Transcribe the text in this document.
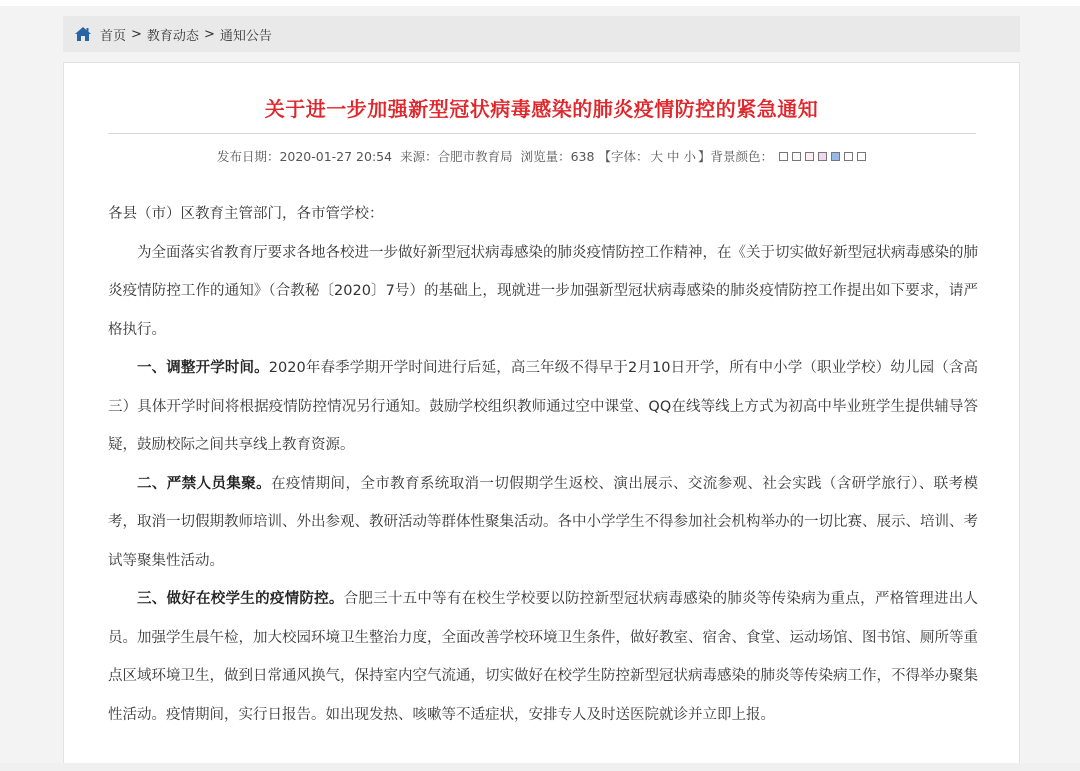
首页 > 教育动态 > 通知公告
关于进一步加强新型冠状病毒感染的肺炎疫情防控的紧急通知
发布日期：2020-01-27 20:54 来源：合肥市教育局 浏览量：638 【字体： 大 中 小 】 背景颜色：

各县（市）区教育主管部门，各市管学校：

为全面落实省教育厅要求各地各校进一步做好新型冠状病毒感染的肺炎疫情防控工作精神，在《关于切实做好新型冠状病毒感染的肺炎疫情防控工作的通知》（合教秘〔2020〕7号）的基础上，现就进一步加强新型冠状病毒感染的肺炎疫情防控工作提出如下要求，请严格执行。

一、调整开学时间。2020年春季学期开学时间进行后延，高三年级不得早于2月10日开学，所有中小学（职业学校）幼儿园（含高三）具体开学时间将根据疫情防控情况另行通知。鼓励学校组织教师通过空中课堂、QQ在线等线上方式为初高中毕业班学生提供辅导答疑，鼓励校际之间共享线上教育资源。

二、严禁人员集聚。在疫情期间，全市教育系统取消一切假期学生返校、演出展示、交流参观、社会实践（含研学旅行）、联考模考，取消一切假期教师培训、外出参观、教研活动等群体性聚集活动。各中小学学生不得参加社会机构举办的一切比赛、展示、培训、考试等聚集性活动。

三、做好在校学生的疫情防控。合肥三十五中等有在校生学校要以防控新型冠状病毒感染的肺炎等传染病为重点，严格管理进出人员。加强学生晨午检，加大校园环境卫生整治力度，全面改善学校环境卫生条件，做好教室、宿舍、食堂、运动场馆、图书馆、厕所等重点区域环境卫生，做到日常通风换气，保持室内空气流通，切实做好在校学生防控新型冠状病毒感染的肺炎等传染病工作，不得举办聚集性活动。疫情期间，实行日报告。如出现发热、咳嗽等不适症状，安排专人及时送医院就诊并立即上报。
